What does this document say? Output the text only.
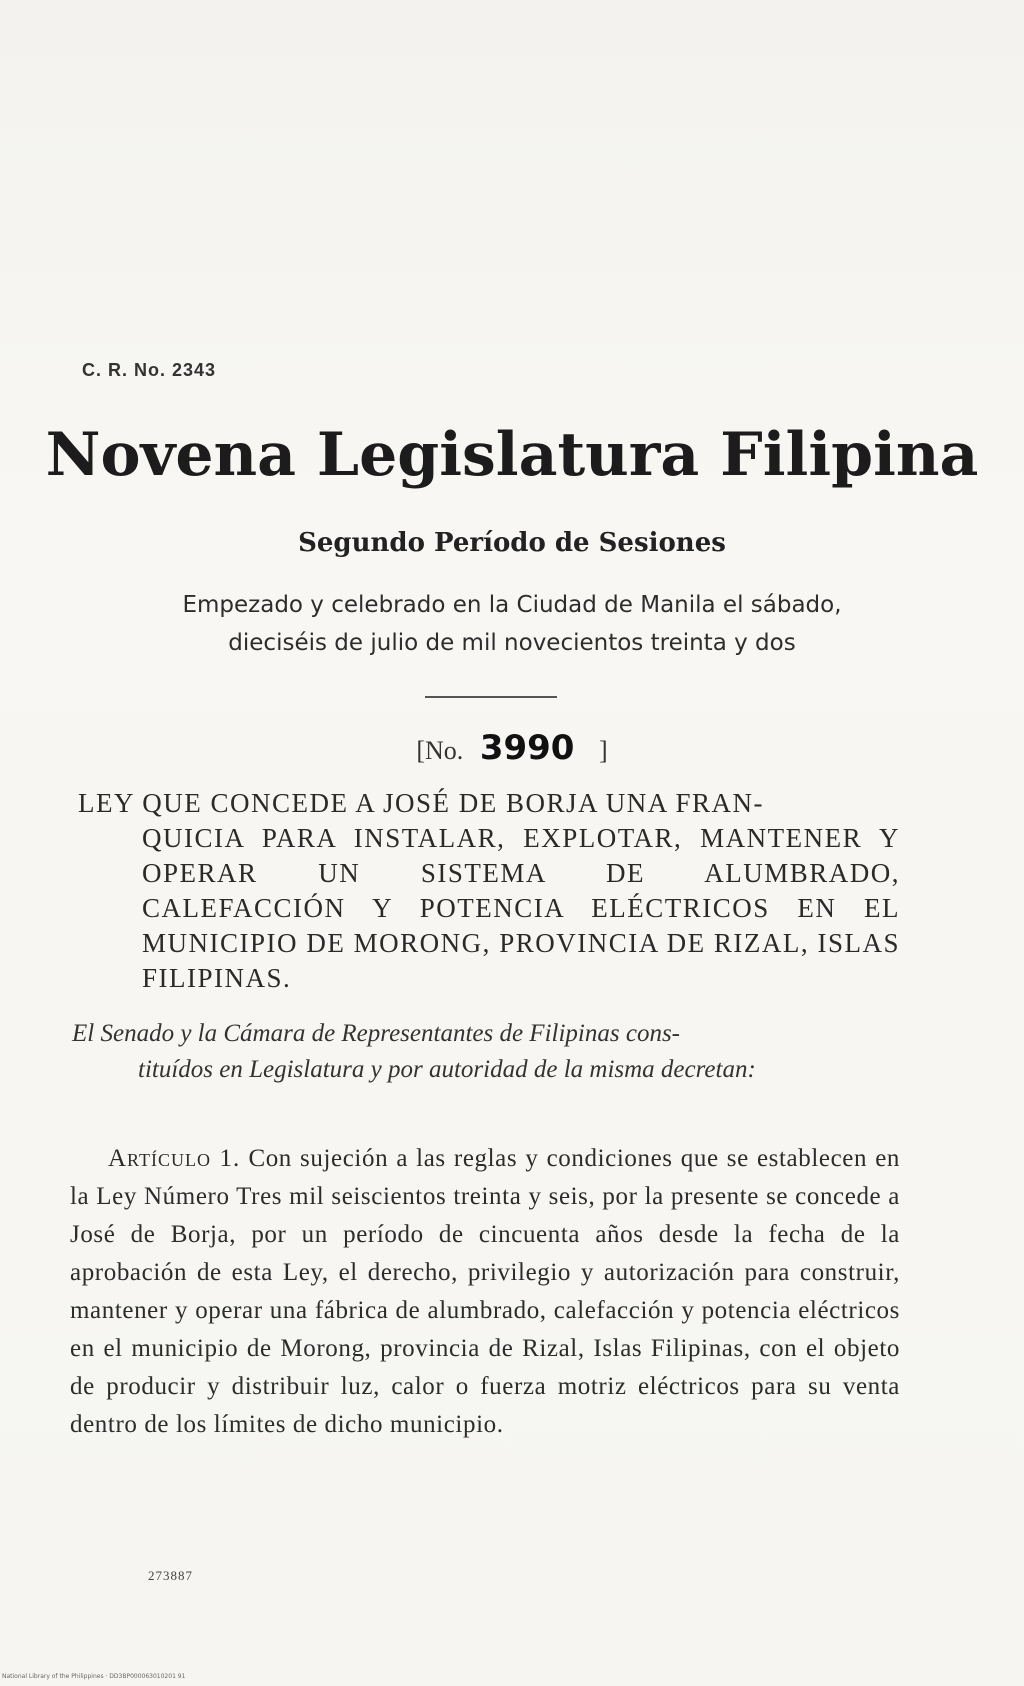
C. R. No. 2343
Novena Legislatura Filipina
Segundo Período de Sesiones
Empezado y celebrado en la Ciudad de Manila el sábado,
dieciséis de julio de mil novecientos treinta y dos
[No. 3990 ]

LEY QUE CONCEDE A JOSÉ DE BORJA UNA FRAN-

QUICIA PARA INSTALAR, EXPLOTAR, MANTENER Y OPERAR UN SISTEMA DE ALUMBRADO, CALEFACCIÓN Y POTENCIA ELÉCTRICOS EN EL MUNICIPIO DE MORONG, PROVINCIA DE RIZAL, ISLAS FILIPINAS.

El Senado y la Cámara de Representantes de Filipinas cons-

tituídos en Legislatura y por autoridad de la misma decretan:

Artículo 1. Con sujeción a las reglas y condiciones que se establecen en la Ley Número Tres mil seiscientos treinta y seis, por la presente se concede a José de Borja, por un período de cincuenta años desde la fecha de la aprobación de esta Ley, el derecho, privilegio y autorización para construir, mantener y operar una fábrica de alumbrado, calefacción y potencia eléctricos en el municipio de Morong, provincia de Rizal, Islas Filipinas, con el objeto de producir y distribuir luz, calor o fuerza motriz eléctricos para su venta dentro de los límites de dicho municipio.

273887
National Library of the Philippines · DD3BP000063010201 91
